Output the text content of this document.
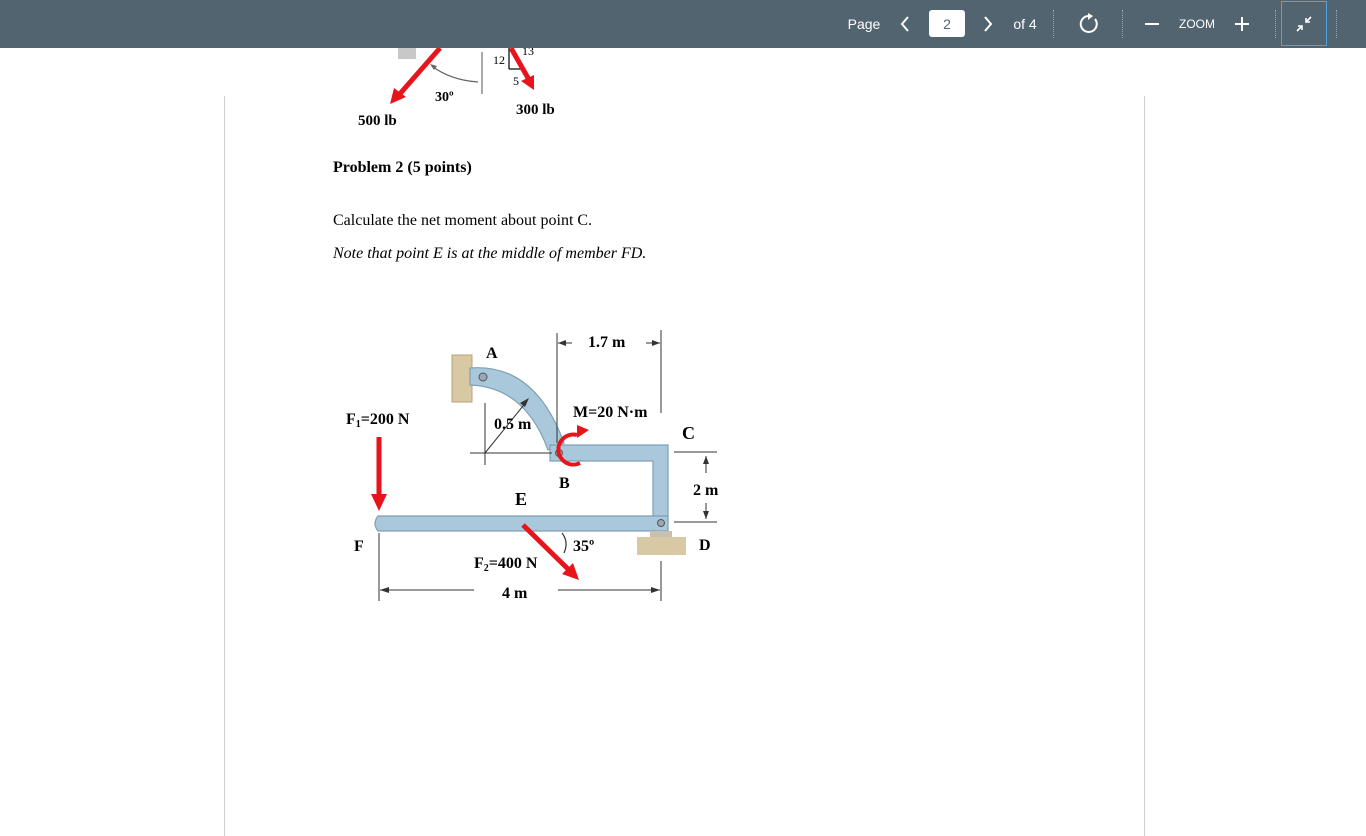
13
12
5
30º
300 lb
500 lb
Problem 2 (5 points)
Calculate the net moment about point C.
Note that point E is at the middle of member FD.
1.7 m
A
0.5 m
F1=200 N	M=20 N·m
C
B	2 m
E
F	35º	D
F2=400 N
4 m
Page
2	of 4	ZOOM
